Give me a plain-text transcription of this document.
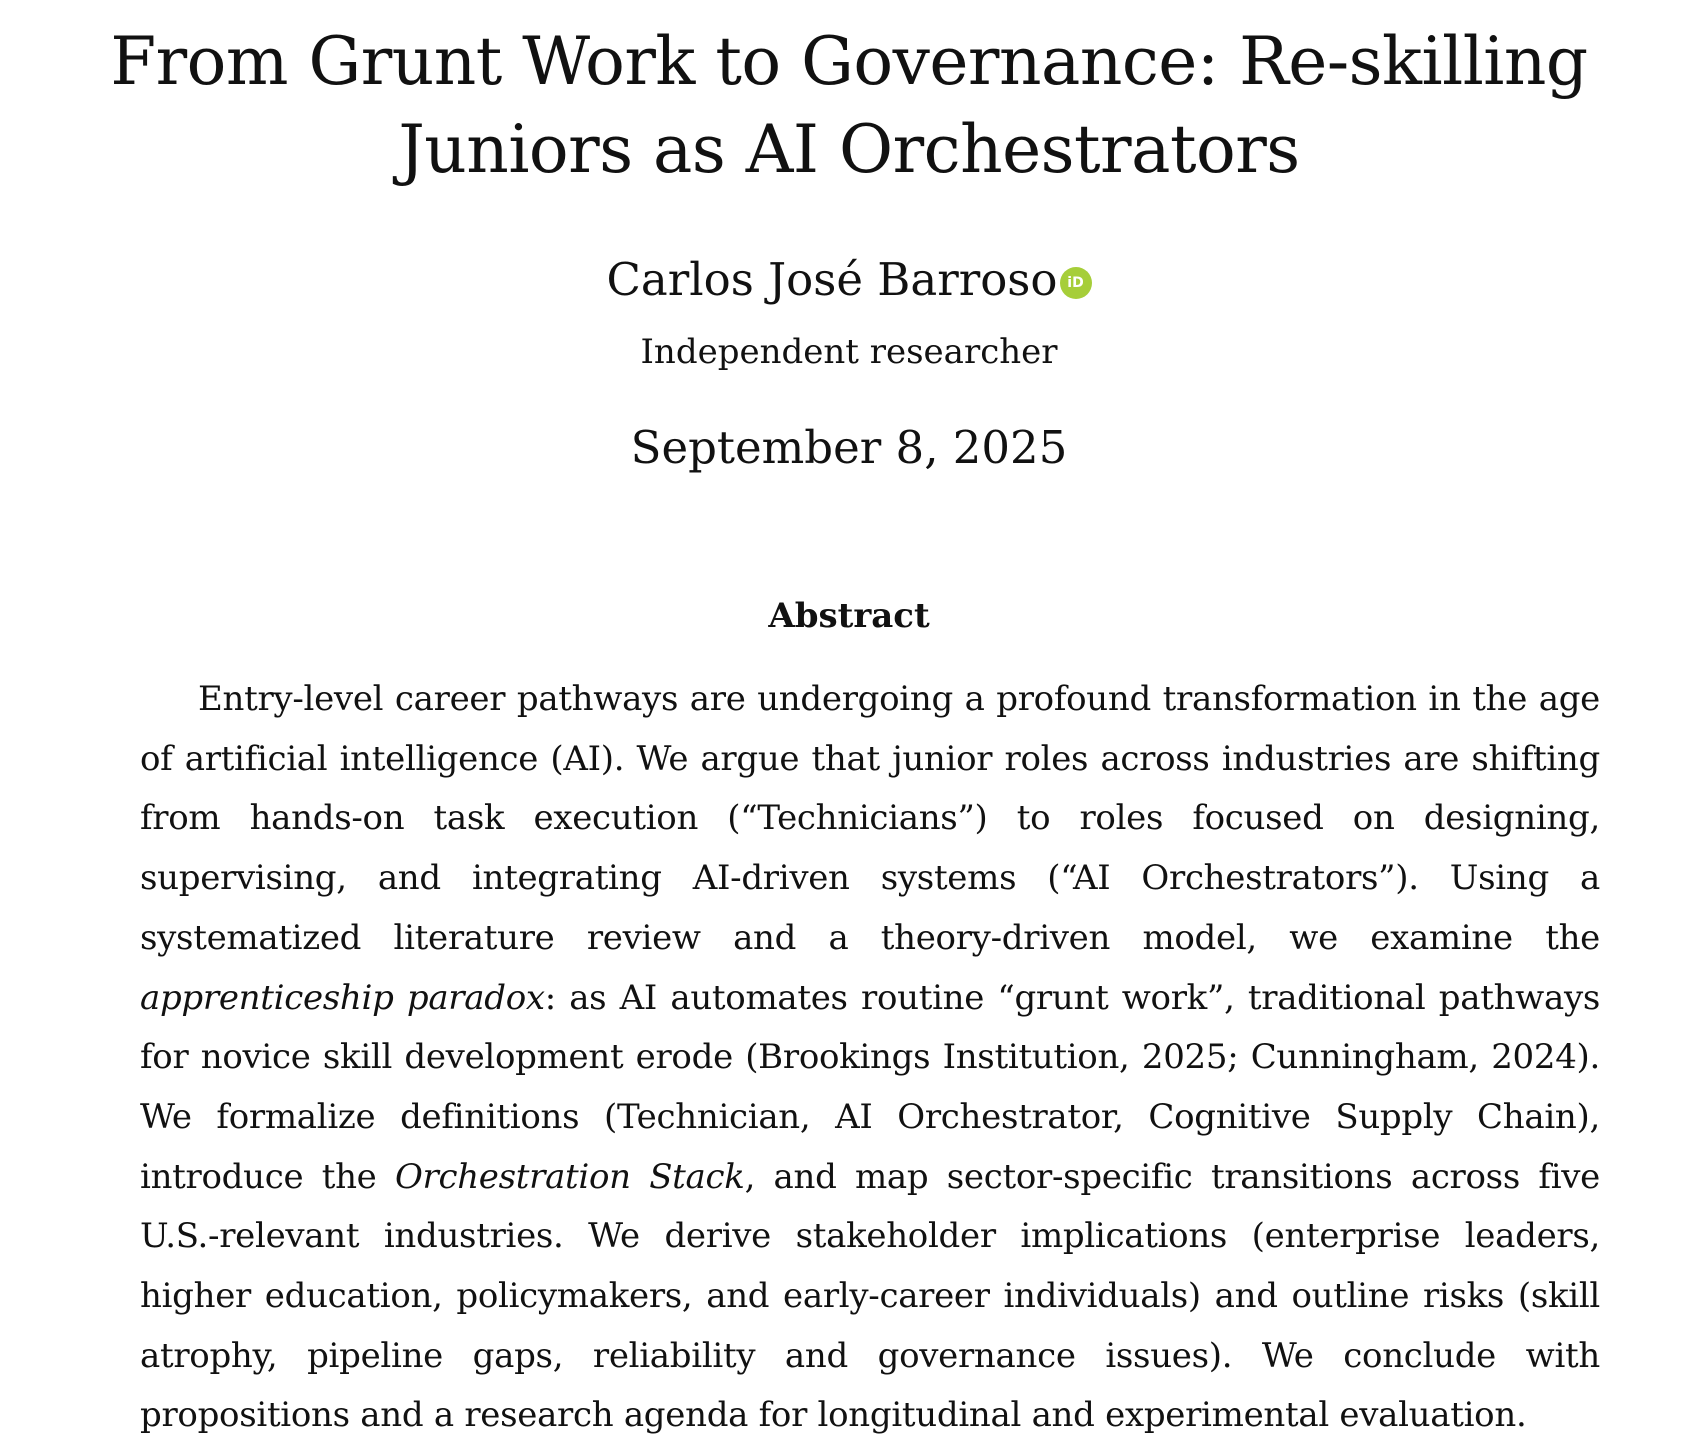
From Grunt Work to Governance: Re-skilling Juniors as AI Orchestrators
Carlos José Barroso iD
Independent researcher
September 8, 2025
Abstract

Entry-level career pathways are undergoing a profound transformation in the age of artificial intelligence (AI). We argue that junior roles across industries are shifting from hands-on task execution (“Technicians”) to roles focused on designing, supervising, and integrating AI-driven systems (“AI Orchestrators”). Using a systematized literature review and a theory-driven model, we examine the apprenticeship paradox: as AI automates routine “grunt work”, traditional pathways for novice skill development erode (Brookings Institution, 2025; Cunningham, 2024). We formalize definitions (Technician, AI Orchestrator, Cognitive Supply Chain), introduce the Orchestration Stack, and map sector-specific transitions across five U.S.-relevant industries. We derive stakeholder implications (enterprise leaders, higher education, policymakers, and early-career individuals) and outline risks (skill atrophy, pipeline gaps, reliability and governance issues). We conclude with propositions and a research agenda for longitudinal and experimental evaluation.
